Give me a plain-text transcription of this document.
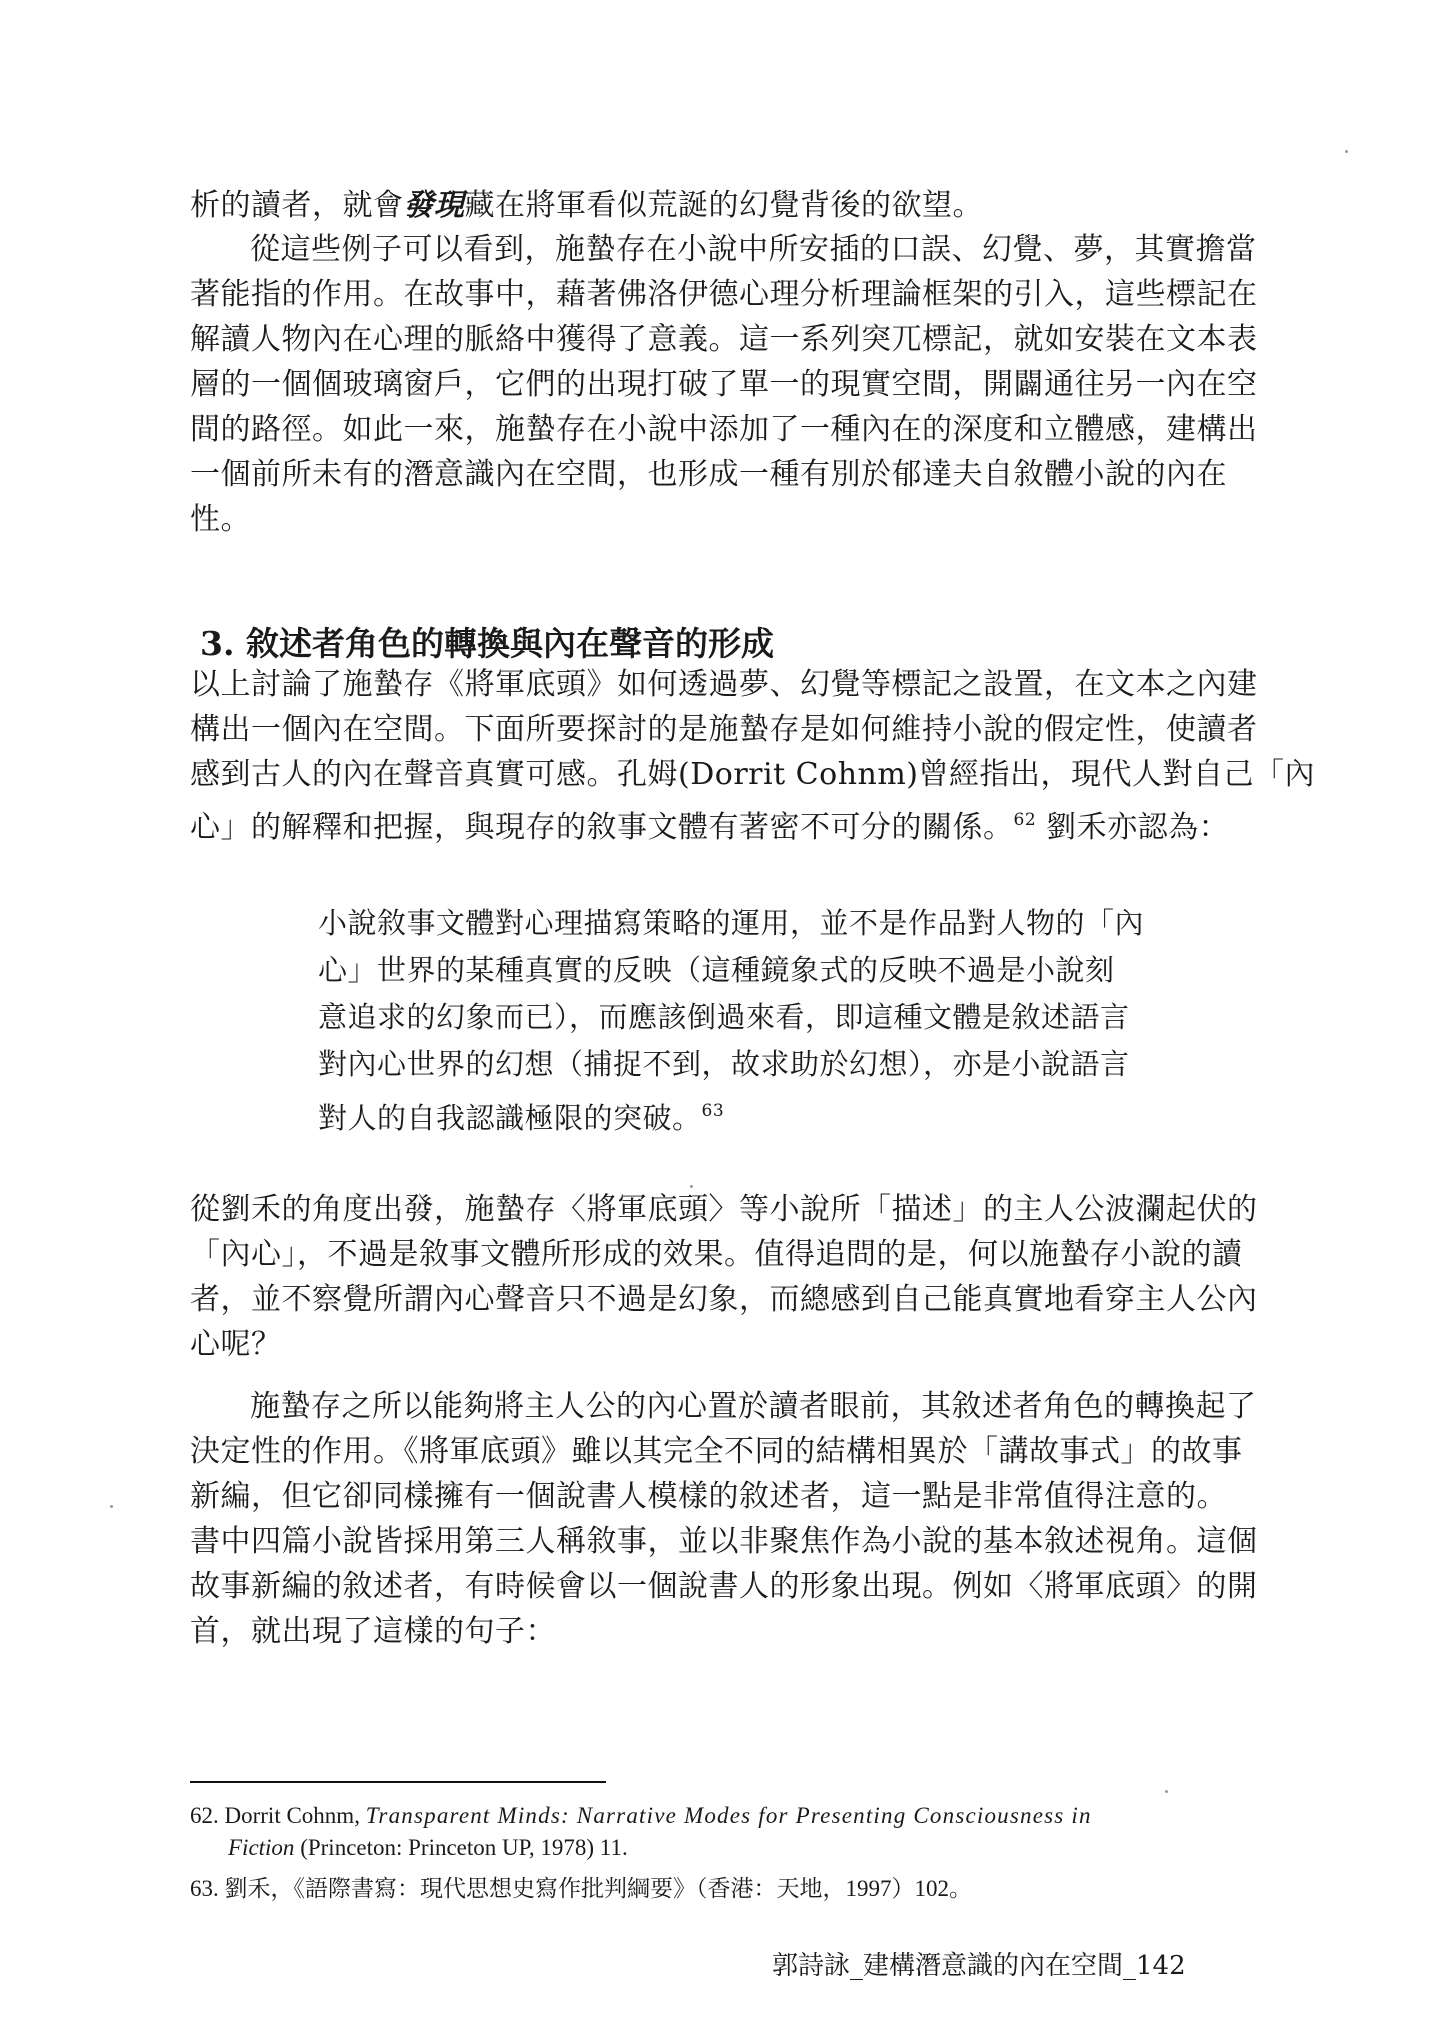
析的讀者，就會發現藏在將軍看似荒誕的幻覺背後的欲望。
從這些例子可以看到，施蟄存在小說中所安插的口誤、幻覺、夢，其實擔當
著能指的作用。在故事中，藉著佛洛伊德心理分析理論框架的引入，這些標記在
解讀人物內在心理的脈絡中獲得了意義。這一系列突兀標記，就如安裝在文本表
層的一個個玻璃窗戶，它們的出現打破了單一的現實空間，開闢通往另一內在空
間的路徑。如此一來，施蟄存在小說中添加了一種內在的深度和立體感，建構出
一個前所未有的潛意識內在空間，也形成一種有別於郁達夫自敘體小說的內在
性。
3. 敘述者角色的轉換與內在聲音的形成
以上討論了施蟄存《將軍底頭》如何透過夢、幻覺等標記之設置，在文本之內建
構出一個內在空間。下面所要探討的是施蟄存是如何維持小說的假定性，使讀者
感到古人的內在聲音真實可感。孔姆(Dorrit Cohnm)曾經指出，現代人對自己「內
心」的解釋和把握，與現存的敘事文體有著密不可分的關係。$^{62}$ 劉禾亦認為：
小說敘事文體對心理描寫策略的運用，並不是作品對人物的「內
心」世界的某種真實的反映（這種鏡象式的反映不過是小說刻
意追求的幻象而已），而應該倒過來看，即這種文體是敘述語言
對內心世界的幻想（捕捉不到，故求助於幻想），亦是小說語言
對人的自我認識極限的突破。$^{63}$
從劉禾的角度出發，施蟄存〈將軍底頭〉等小說所「描述」的主人公波瀾起伏的
「內心」，不過是敘事文體所形成的效果。值得追問的是，何以施蟄存小說的讀
者，並不察覺所謂內心聲音只不過是幻象，而總感到自己能真實地看穿主人公內
心呢？
施蟄存之所以能夠將主人公的內心置於讀者眼前，其敘述者角色的轉換起了
決定性的作用。《將軍底頭》雖以其完全不同的結構相異於「講故事式」的故事
新編，但它卻同樣擁有一個說書人模樣的敘述者，這一點是非常值得注意的。
書中四篇小說皆採用第三人稱敘事，並以非聚焦作為小說的基本敘述視角。這個
故事新編的敘述者，有時候會以一個說書人的形象出現。例如〈將軍底頭〉的開
首，就出現了這樣的句子：
62. Dorrit Cohnm, Transparent Minds: Narrative Modes for Presenting Consciousness in
Fiction (Princeton: Princeton UP, 1978) 11.
63. 劉禾，《語際書寫：現代思想史寫作批判綱要》（香港：天地，1997）102。
郭詩詠_建構潛意識的內在空間_142
